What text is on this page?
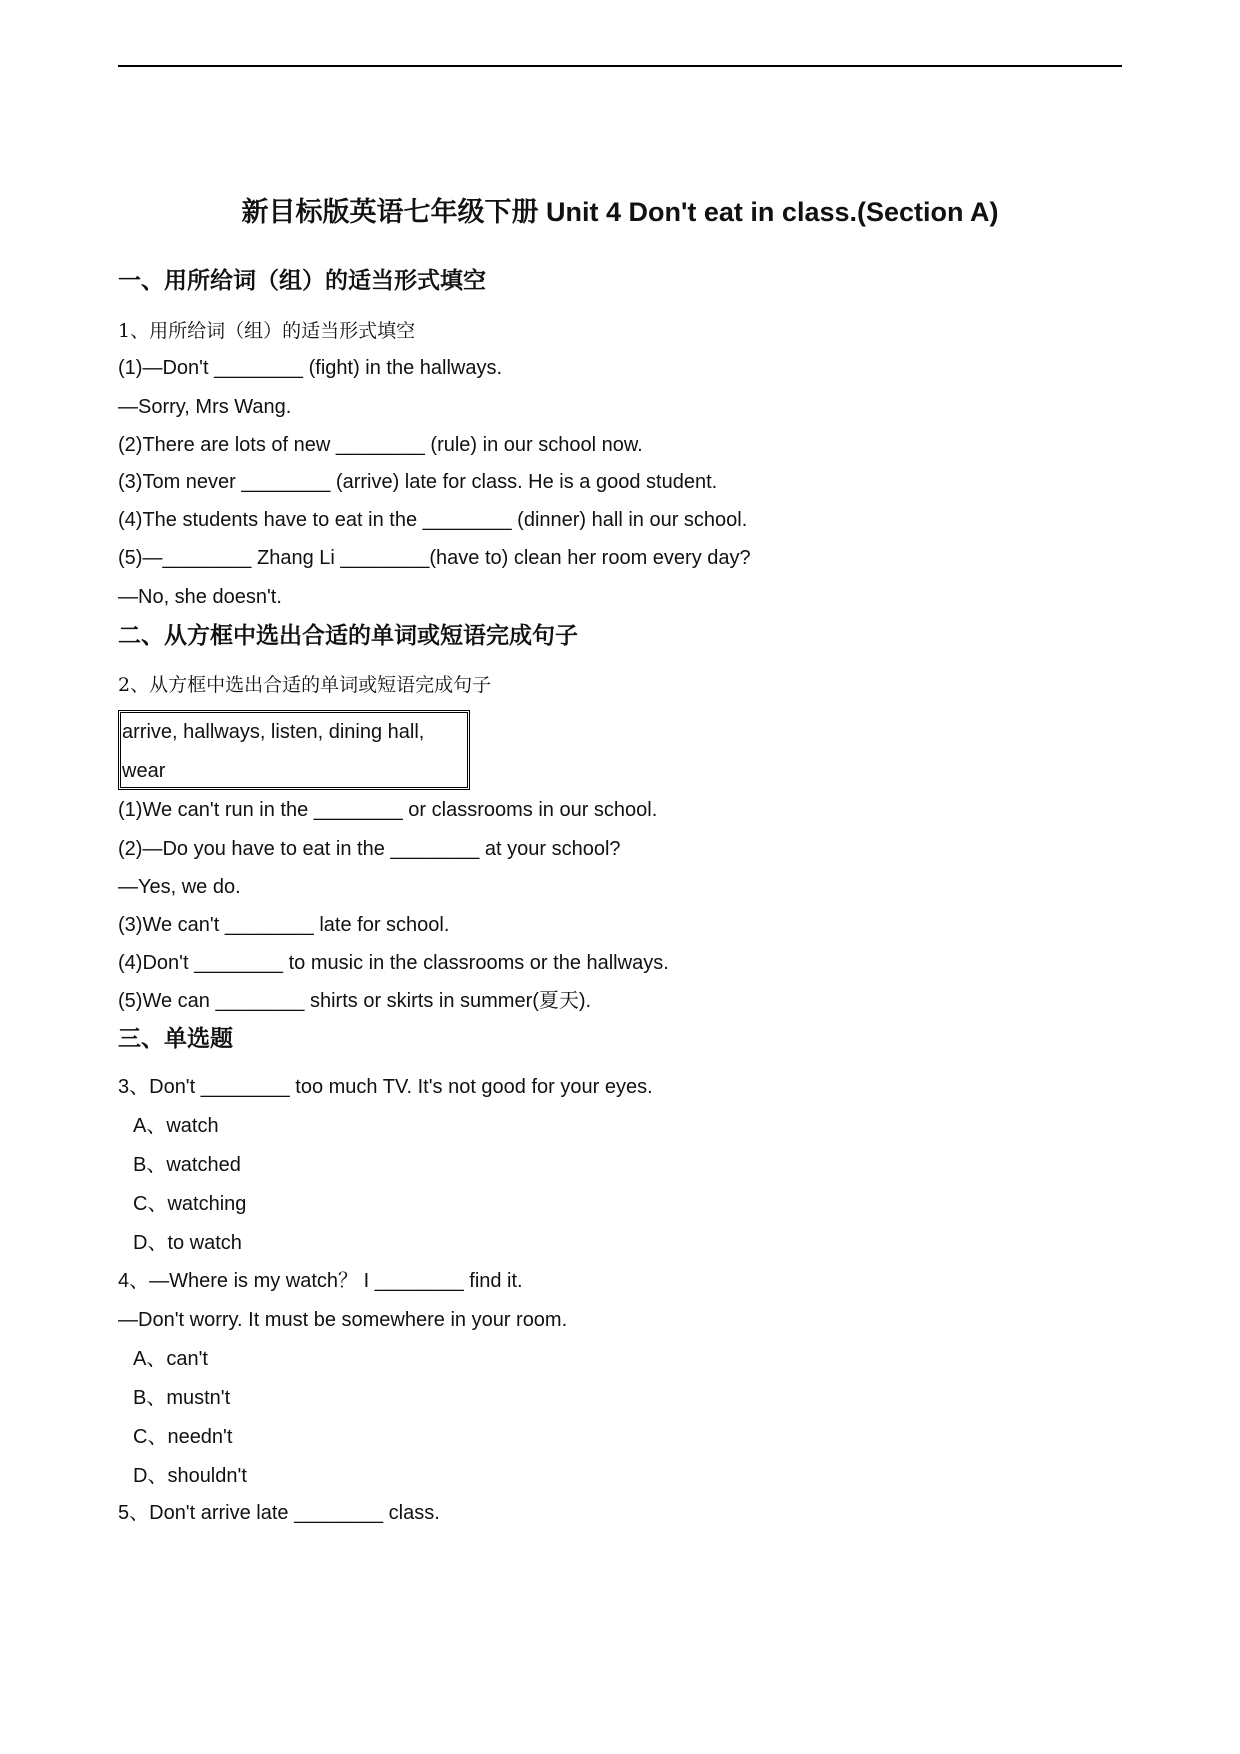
新目标版英语七年级下册 Unit 4 Don't eat in class.(Section A)
一、用所给词（组）的适当形式填空
1、用所给词（组）的适当形式填空
(1)—Don't ________ (fight) in the hallways.
—Sorry, Mrs Wang.
(2)There are lots of new ________ (rule) in our school now.
(3)Tom never ________ (arrive) late for class. He is a good student.
(4)The students have to eat in the ________ (dinner) hall in our school.
(5)—________ Zhang Li ________(have to) clean her room every day?
—No, she doesn't.
二、从方框中选出合适的单词或短语完成句子
2、从方框中选出合适的单词或短语完成句子
arrive, hallways, listen, dining hall, wear
(1)We can't run in the ________ or classrooms in our school.
(2)—Do you have to eat in the ________ at your school?
—Yes, we do.
(3)We can't ________ late for school.
(4)Don't ________ to music in the classrooms or the hallways.
(5)We can ________ shirts or skirts in summer(夏天).
三、单选题
3、Don't ________ too much TV. It's not good for your eyes.
A、watch
B、watched
C、watching
D、to watch
4、—Where is my watch？ I ________ find it.
—Don't worry. It must be somewhere in your room.
A、can't
B、mustn't
C、needn't
D、shouldn't
5、Don't arrive late ________ class.
